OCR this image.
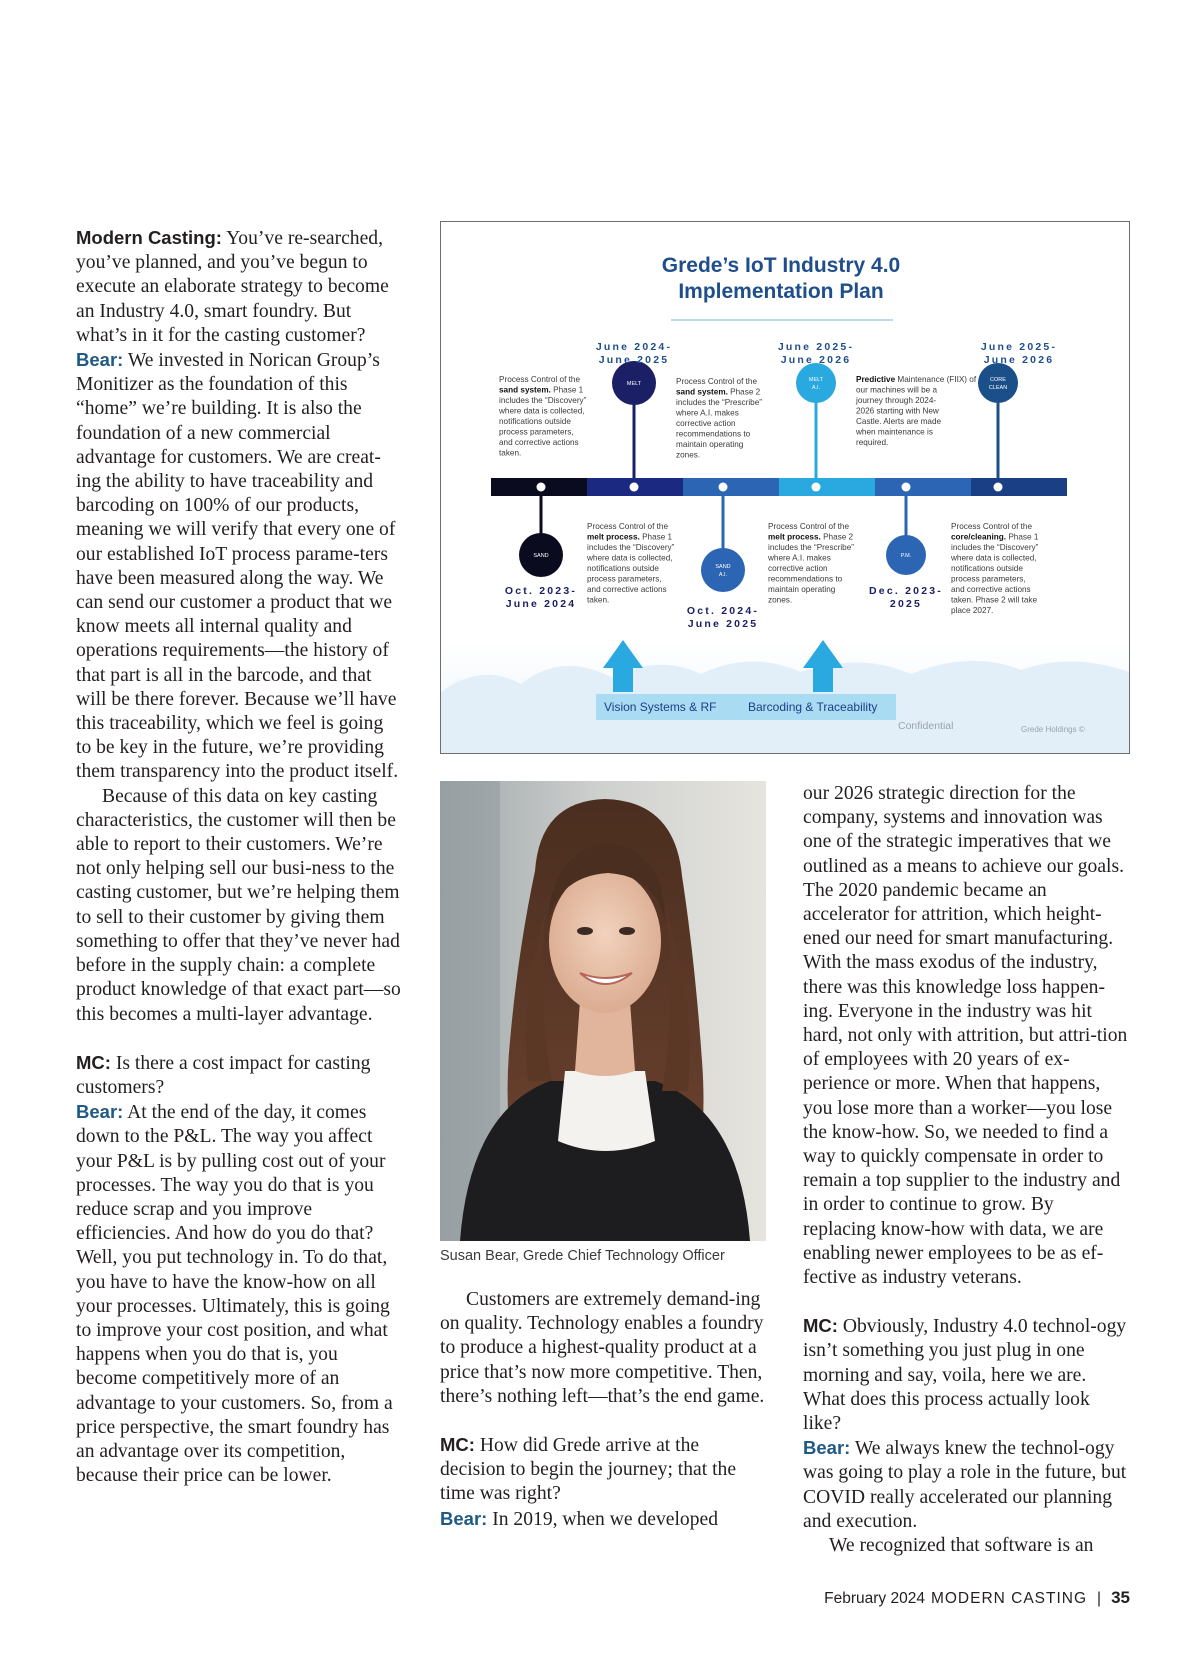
Modern Casting: You’ve re-searched, you’ve planned, and you’ve begun to execute an elaborate strategy to become an Industry 4.0, smart foundry. But what’s in it for the casting customer?

Bear: We invested in Norican Group’s Monitizer as the foundation of this “home” we’re building. It is also the foundation of a new commercial advantage for customers. We are creat-ing the ability to have traceability and barcoding on 100% of our products, meaning we will verify that every one of our established IoT process parame-ters have been measured along the way. We can send our customer a product that we know meets all internal quality and operations requirements—the history of that part is all in the barcode, and that will be there forever. Because we’ll have this traceability, which we feel is going to be key in the future, we’re providing them transparency into the product itself.

Because of this data on key casting characteristics, the customer will then be able to report to their customers. We’re not only helping sell our busi-ness to the casting customer, but we’re helping them to sell to their customer by giving them something to offer that they’ve never had before in the supply chain: a complete product knowledge of that exact part—so this becomes a multi-layer advantage.

MC: Is there a cost impact for casting customers?

Bear: At the end of the day, it comes down to the P&L. The way you affect your P&L is by pulling cost out of your processes. The way you do that is you reduce scrap and you improve efficiencies. And how do you do that? Well, you put technology in. To do that, you have to have the know-how on all your processes. Ultimately, this is going to improve your cost position, and what happens when you do that is, you become competitively more of an advantage to your customers. So, from a price perspective, the smart foundry has an advantage over its competition, because their price can be lower.

Grede’s IoT Industry 4.0
Implementation Plan
MELT
June 2024-
June 2025
Process Control of the
sand system. Phase 1
includes the “Discovery”
where data is collected,
notifications outside
process parameters,
and corrective actions
taken.
MELT
A.I.
June 2025-
June 2026
Process Control of the
sand system. Phase 2
includes the “Prescribe”
where A.I. makes
corrective action
recommendations to
maintain operating
zones.
CORE
CLEAN
June 2025-
June 2026
Predictive Maintenance (FIIX) of
our machines will be a
journey through 2024-
2026 starting with New
Castle. Alerts are made
when maintenance is
required.
SAND
Oct. 2023-
June 2024
Process Control of the
melt process. Phase 1
includes the “Discovery”
where data is collected,
notifications outside
process parameters,
and corrective actions
taken.
SAND
A.I.
Oct. 2024-
June 2025
Process Control of the
melt process. Phase 2
includes the “Prescribe”
where A.I. makes
corrective action
recommendations to
maintain operating
zones.
P.M.
Dec. 2023-
2025
Process Control of the
core/cleaning. Phase 1
includes the “Discovery”
where data is collected,
notifications outside
process parameters,
and corrective actions
taken. Phase 2 will take
place 2027.
Vision Systems & RF	Barcoding & Traceability
Confidential	Grede Holdings ©
Susan Bear, Grede Chief Technology Officer

Customers are extremely demand-ing on quality. Technology enables a foundry to produce a highest-quality product at a price that’s now more competitive. Then, there’s nothing left—that’s the end game.

MC: How did Grede arrive at the decision to begin the journey; that the time was right?

Bear: In 2019, when we developed

our 2026 strategic direction for the company, systems and innovation was one of the strategic imperatives that we outlined as a means to achieve our goals. The 2020 pandemic became an accelerator for attrition, which height-ened our need for smart manufacturing. With the mass exodus of the industry, there was this knowledge loss happen-ing. Everyone in the industry was hit hard, not only with attrition, but attri-tion of employees with 20 years of ex-perience or more. When that happens, you lose more than a worker—you lose the know-how. So, we needed to find a way to quickly compensate in order to remain a top supplier to the industry and in order to continue to grow. By replacing know-how with data, we are enabling newer employees to be as ef-fective as industry veterans.

MC: Obviously, Industry 4.0 technol-ogy isn’t something you just plug in one morning and say, voila, here we are. What does this process actually look like?

Bear: We always knew the technol-ogy was going to play a role in the future, but COVID really accelerated our planning and execution.

We recognized that software is an

February 2024 MODERN CASTING | 35
